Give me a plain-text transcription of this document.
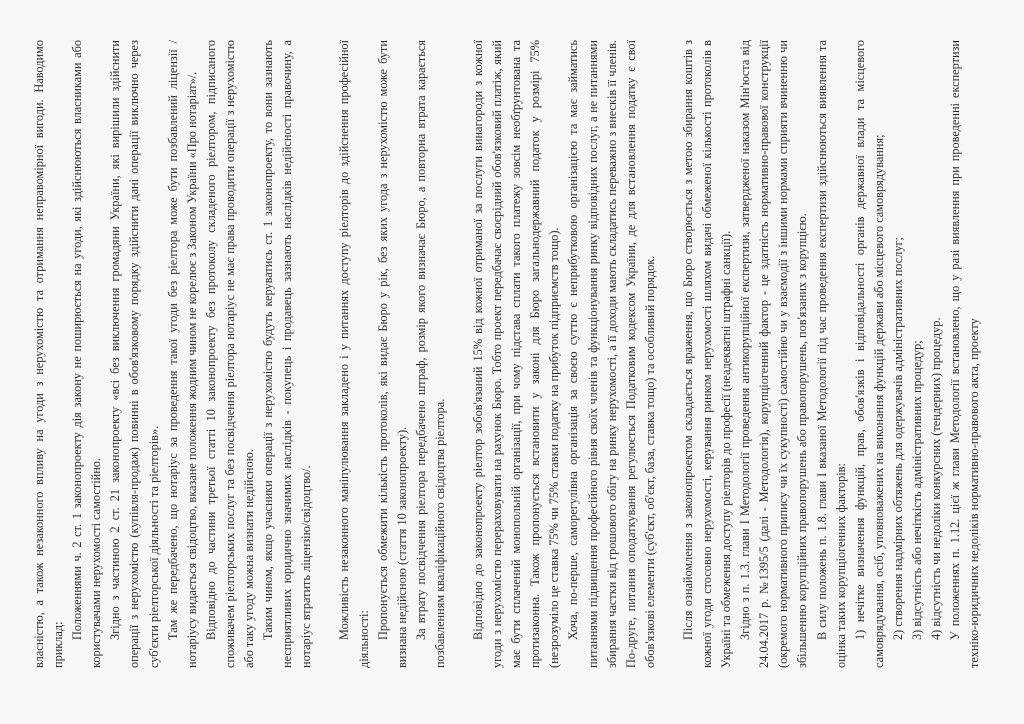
власністю, а також незаконного впливу на угоди з нерухомістю та отримання неправомірної вигоди. Наводимо приклад:

Положеннями ч. 2 ст. 1 законопроекту дія закону не поширюється на угоди, які здійснюються власниками або користувачами нерухомості самостійно. Згідно з частиною 2 ст. 21 законопроекту «всі без виключення громадяни України, які вирішили здійснити операції з нерухомістю (купівля-продаж) повинні в обов'язковому порядку здійснити дані операції виключно через суб'єкти ріелторської діяльності та ріелторів». Там же передбачено, що нотаріус за проведення такої угоди без ріелтора може бути позбавлений ліцензії /нотаріусу видається свідоцтво, вказане положення жодним чином не корелює з Законом України «Про нотаріат»/. Відповідно до частини третьої статті 10 законопроекту без протоколу складеного ріелтором, підписаного споживачем ріелторських послуг та без посвідчення ріелтора нотаріус не має права проводити операції з нерухомістю або таку угоду можна визнати недійсною. Таким чином, якщо учасники операції з нерухомістю будуть керуватись ст. 1 законопроекту, то вони зазнають несприятливих юридично значимих наслідків - покупець і продавець зазнають наслідків недійсності правочину, а нотаріус втратить ліцензію/свідоцтво/. Можливість незаконного маніпулювання закладено і у питаннях доступу ріелторів до здійснення професійної діяльності: Пропонується обмежити кількість протоколів, які видає Бюро у рік, без яких угода з нерухомістю може бути визнана недійсною (стаття 10 законопроекту). За втрату посвідчення ріелтора передбачено штраф, розмір якого визначає Бюро, а повторна втрата карається позбавленням кваліфікаційного свідоцтва ріелтора. Відповідно до законопроекту ріелтор зобов'язаний 15% від кожної отриманої за послуги винагороди з кожної угоди з нерухомістю перераховувати на рахунок Бюро. Тобто проект передбачає своєрідний обов'язковий платіж, який має бути сплачений монопольній організації, при чому підстава сплати такого платежу зовсім необґрунтована та протизаконна. Також пропонується встановити у законі для Бюро загальнодержавний податок у розмірі 75% (незрозуміло це ставка 75% чи 75% ставки податку на прибуток підприємств тощо). Хоча, по-перше, саморегулівна організація за своєю суттю є неприбутковою організацією та має займатись питаннями підвищення професійного рівня своїх членів та функціонування ринку відповідних послуг, а не питаннями збирання частки від грошового обігу на ринку нерухомості, а її доходи мають складатись переважно з внесків її членів. По-друге, питання оподаткування регулюється Податковим кодексом України, де для встановлення податку є свої обов'язкові елементи (суб'єкт, об'єкт, база, ставка тощо) та особливий порядок. Після ознайомлення з законопроектом складається враження, що Бюро створюється з метою збирання коштів з кожної угоди стосовно нерухомості, керування ринком нерухомості шляхом видачі обмеженої кількості протоколів в Україні та обмеження доступу ріелторів до професії (неадекватні штрафні санкції). Згідно з п. 1.3. глави І Методології проведення антикорупційної експертизи, затвердженої наказом Мін'юста від 24.04.2017 р. №1395/5 (далі - Методологія), корупціогенний фактор - це здатність нормативно-правової конструкції (окремого нормативного припису чи їх сукупності) самостійно чи у взаємодії з іншими нормами сприяти вчиненню чи збільшенню корупційних правопорушень або правопорушень, пов'язаних з корупцією. В силу положень п. 1.8. глави І вказаної Методології під час проведення експертизи здійснюються виявлення та оцінка таких корупціогенних факторів: 1) нечітке визначення функцій, прав, обов'язків і відповідальності органів державної влади та місцевого самоврядування, осіб, уповноважених на виконання функцій держави або місцевого самоврядування; 2) створення надмірних обтяжень для одержувачів адміністративних послуг; 3) відсутність або нечіткість адміністративних процедур; 4) відсутність чи недоліки конкурсних (тендерних) процедур. У положеннях п. 1.12. цієї ж глави Методології встановлено, що у разі виявлення при проведенні експертизи техніко-юридичних недоліків нормативно-правового акта, проекту
